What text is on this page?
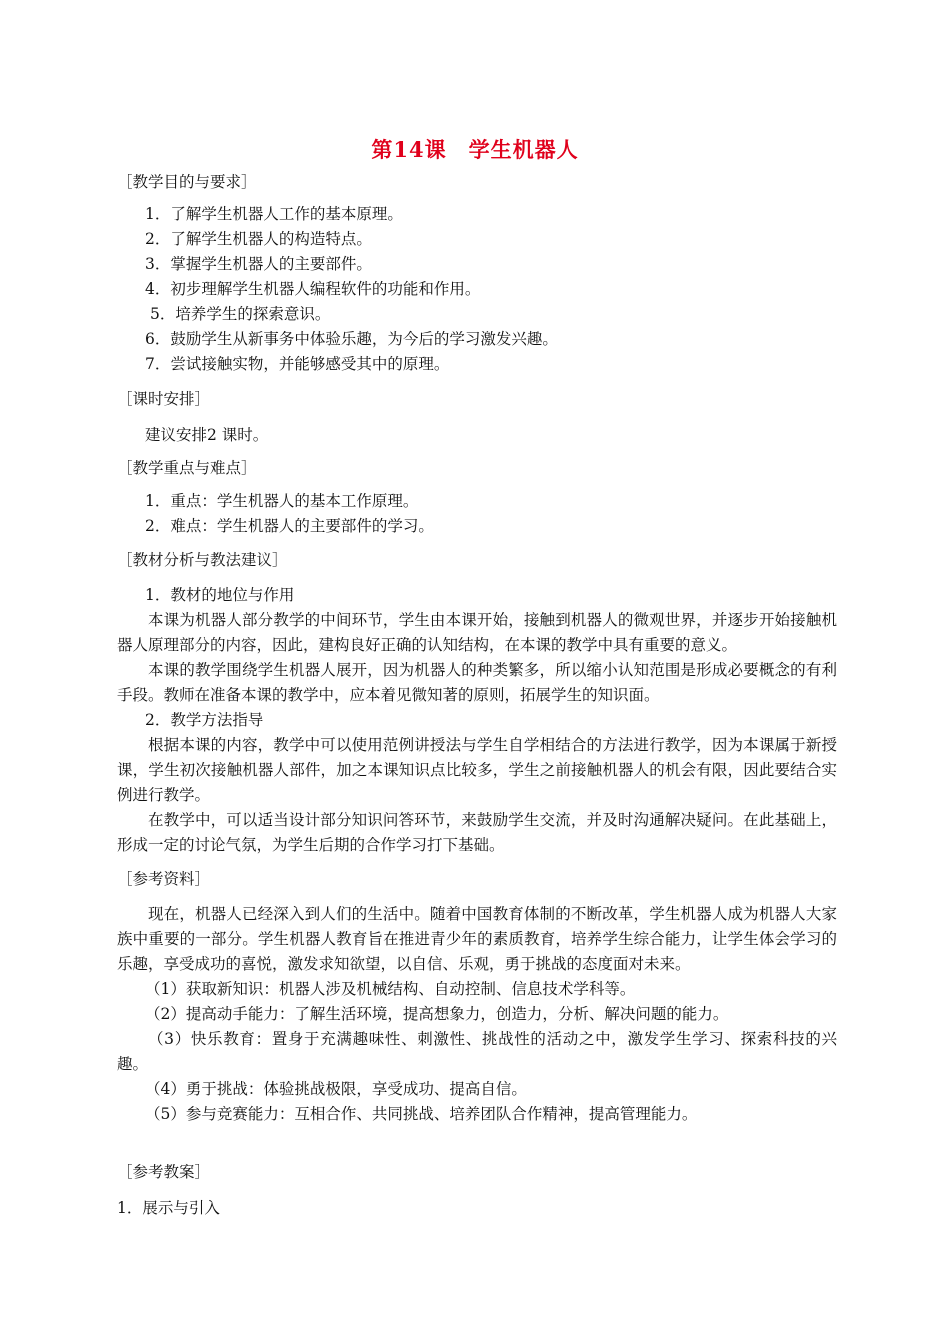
第14课　学生机器人
［教学目的与要求］
1．了解学生机器人工作的基本原理。
2．了解学生机器人的构造特点。
3．掌握学生机器人的主要部件。
4．初步理解学生机器人编程软件的功能和作用。
5．培养学生的探索意识。
6．鼓励学生从新事务中体验乐趣，为今后的学习激发兴趣。
7．尝试接触实物，并能够感受其中的原理。
［课时安排］
建议安排2 课时。
［教学重点与难点］
1．重点：学生机器人的基本工作原理。
2．难点：学生机器人的主要部件的学习。
［教材分析与教法建议］
1．教材的地位与作用
本课为机器人部分教学的中间环节，学生由本课开始，接触到机器人的微观世界，并逐步开始接触机器人原理部分的内容，因此，建构良好正确的认知结构，在本课的教学中具有重要的意义。
本课的教学围绕学生机器人展开，因为机器人的种类繁多，所以缩小认知范围是形成必要概念的有利手段。教师在准备本课的教学中，应本着见微知著的原则，拓展学生的知识面。
2．教学方法指导
根据本课的内容，教学中可以使用范例讲授法与学生自学相结合的方法进行教学，因为本课属于新授课，学生初次接触机器人部件，加之本课知识点比较多，学生之前接触机器人的机会有限，因此要结合实例进行教学。
在教学中，可以适当设计部分知识问答环节，来鼓励学生交流，并及时沟通解决疑问。在此基础上，形成一定的讨论气氛，为学生后期的合作学习打下基础。
［参考资料］
现在，机器人已经深入到人们的生活中。随着中国教育体制的不断改革，学生机器人成为机器人大家族中重要的一部分。学生机器人教育旨在推进青少年的素质教育，培养学生综合能力，让学生体会学习的乐趣，享受成功的喜悦，激发求知欲望，以自信、乐观，勇于挑战的态度面对未来。
（1）获取新知识：机器人涉及机械结构、自动控制、信息技术学科等。
（2）提高动手能力：了解生活环境，提高想象力，创造力，分析、解决问题的能力。
（3）快乐教育：置身于充满趣味性、刺激性、挑战性的活动之中，激发学生学习、探索科技的兴趣。
（4）勇于挑战：体验挑战极限，享受成功、提高自信。
（5）参与竞赛能力：互相合作、共同挑战、培养团队合作精神，提高管理能力。
［参考教案］
1．展示与引入
